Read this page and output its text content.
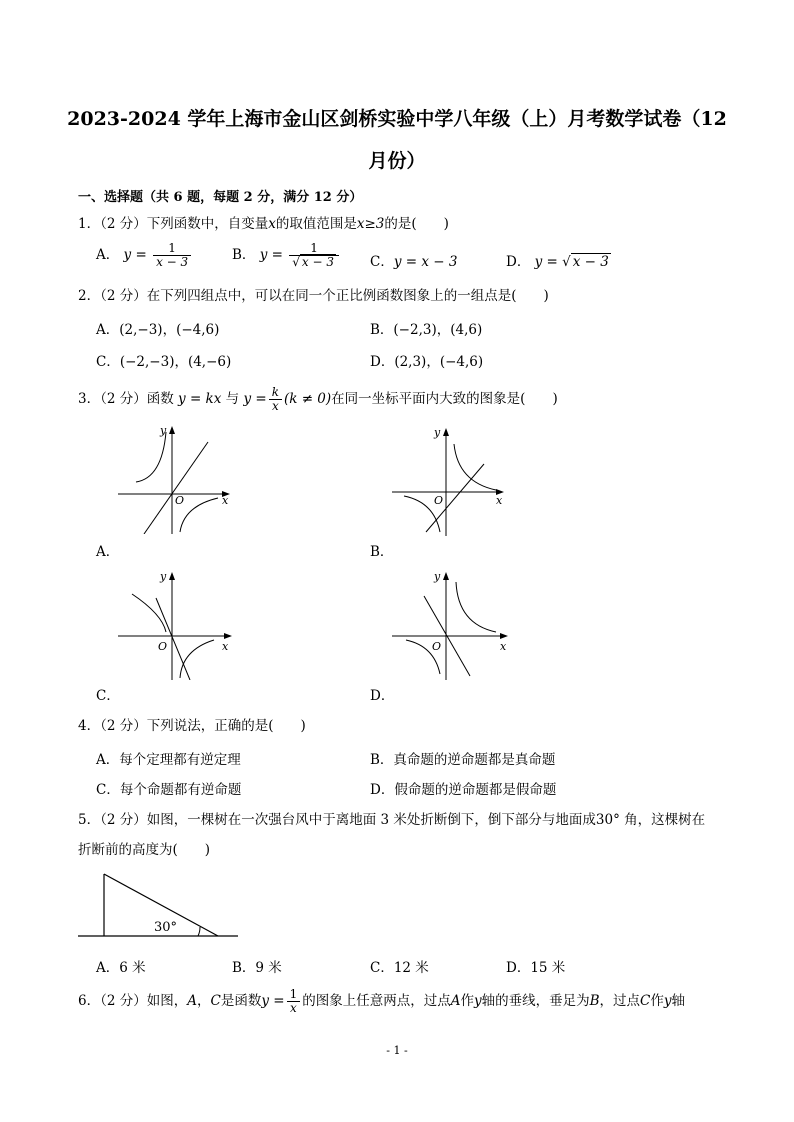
2023-2024 学年上海市金山区剑桥实验中学八年级（上）月考数学试卷（12
月份）
一、选择题（共 6 题，每题 2 分，满分 12 分）
1．（2 分）下列函数中，自变量x的取值范围是x≥3的是(　　)
A． $y = \frac{1}{x - 3}$	B． $y = \frac{1}{√ x - 3}$ C．y = x − 3	D． y = √ x − 3
2．（2 分）在下列四组点中，可以在同一个正比例函数图象上的一组点是(　　)
A．(2,−3)，(−4,6)	B．(−2,3)，(4,6)
C．(−2,−3)，(4,−6)	D．(2,3)，(−4,6)
3．（2 分）函数 y = kx 与 $y = \frac{k}{x} (k \ne 0)$在同一坐标平面内大致的图象是(　　)
O	x
y
A．
O	x
y
B．
O	x
y
C．
O	x
y
D．
4．（2 分）下列说法，正确的是(　　)
A．每个定理都有逆定理	B．真命题的逆命题都是真命题
C．每个命题都有逆命题	D．假命题的逆命题都是假命题
5．（2 分）如图，一棵树在一次强台风中于离地面 3 米处折断倒下，倒下部分与地面成30° 角，这棵树在
折断前的高度为(　　)
30°
A．6 米	B．9 米	C．12 米	D．15 米
6．（2 分）如图，A，C是函数$y = \frac{1}{x}$ 的图象上任意两点，过点A作y轴的垂线，垂足为B，过点C作y轴
- 1 -
